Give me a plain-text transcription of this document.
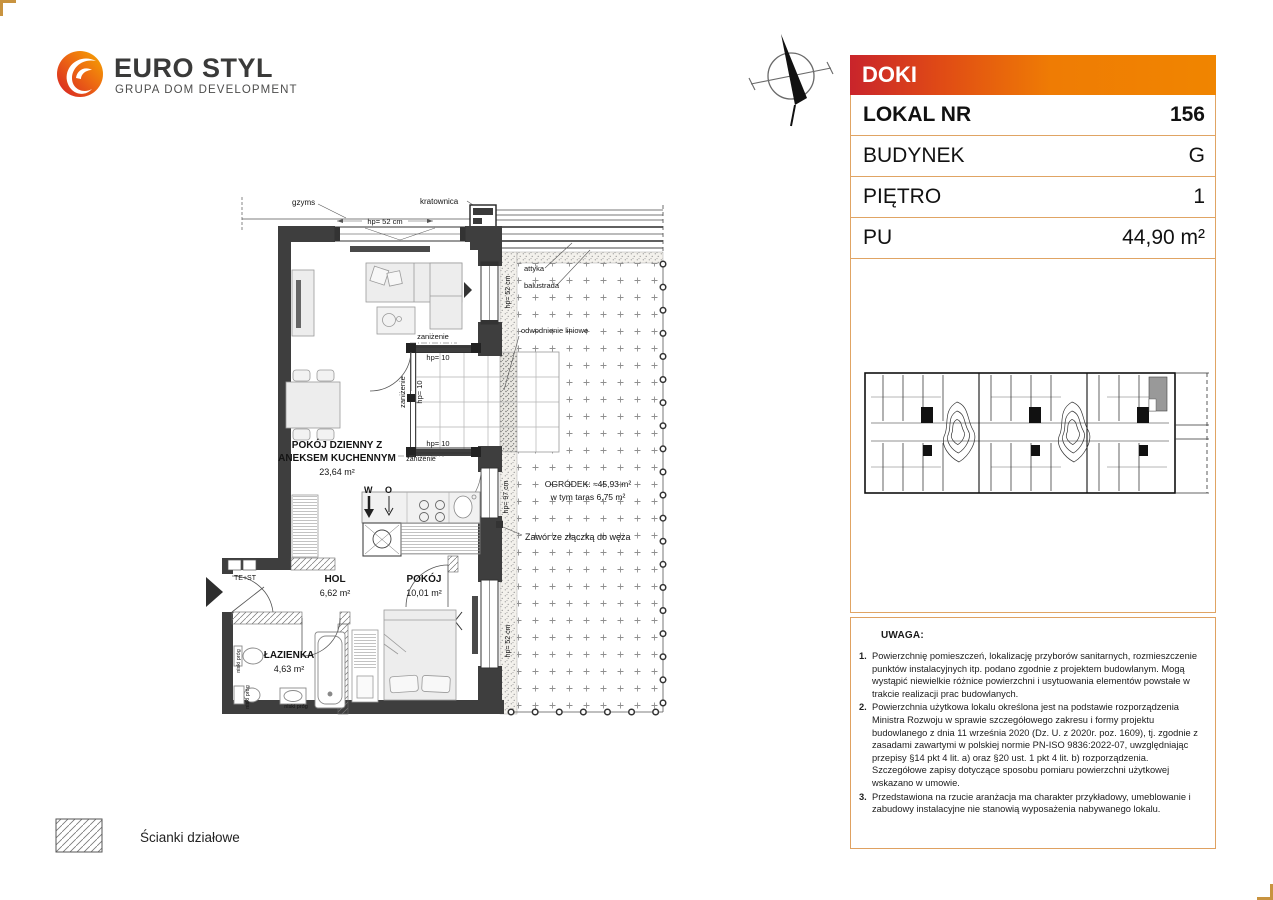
EURO STYL
GRUPA DOM DEVELOPMENT
DOKI
LOKAL NR	156
BUDYNEK	G
PIĘTRO	1
PU	44,90 m²
UWAGA:
1. Powierzchnię pomieszczeń, lokalizację przyborów sanitarnych, rozmieszczenie punktów instalacyjnych itp. podano zgodnie z projektem budowlanym. Mogą wystąpić niewielkie różnice powierzchni i usytuowania elementów powstałe w trakcie realizacji prac budowlanych.
2. Powierzchnia użytkowa lokalu określona jest na podstawie rozporządzenia Ministra Rozwoju w sprawie szczegółowego zakresu i formy projektu budowlanego z dnia 11 września 2020 (Dz. U. z 2020r. poz. 1609), tj. zgodnie z zasadami zawartymi w polskiej normie PN-ISO 9836:2022-07, uwzględniając przepisy §14 pkt 4 lit. a) oraz §20 ust. 1 pkt 4 lit. b) rozporządzenia. Szczegółowe zapisy dotyczące sposobu pomiaru powierzchni użytkowej wskazano w umowie.
3. Przedstawiona na rzucie aranżacja ma charakter przykładowy, umeblowanie i zabudowy instalacyjne nie stanowią wyposażenia nabywanego lokalu.
gzyms	kratownica
hp= 52 cm
attyka
balustrada
hp= 52 cm
odwodnienie liniowe
zaniżenie
hp= 10
zaniżenie hp= 10
hp= 10
zaniżenie
POKÓJ DZIENNY Z
ANEKSEM KUCHENNYM
23,64 m²
hp= 97 cm	OGRÓDEK: ≈45,93 m²
w tym taras 6,75 m²
Zawór ze złączką do węża
hp= 52 cm
HOL
6,62 m²
POKÓJ
10,01 m²
ŁAZIENKA
4,63 m²
TE+ST
niski próg
niski próg	niski próg
W O
Ścianki działowe
